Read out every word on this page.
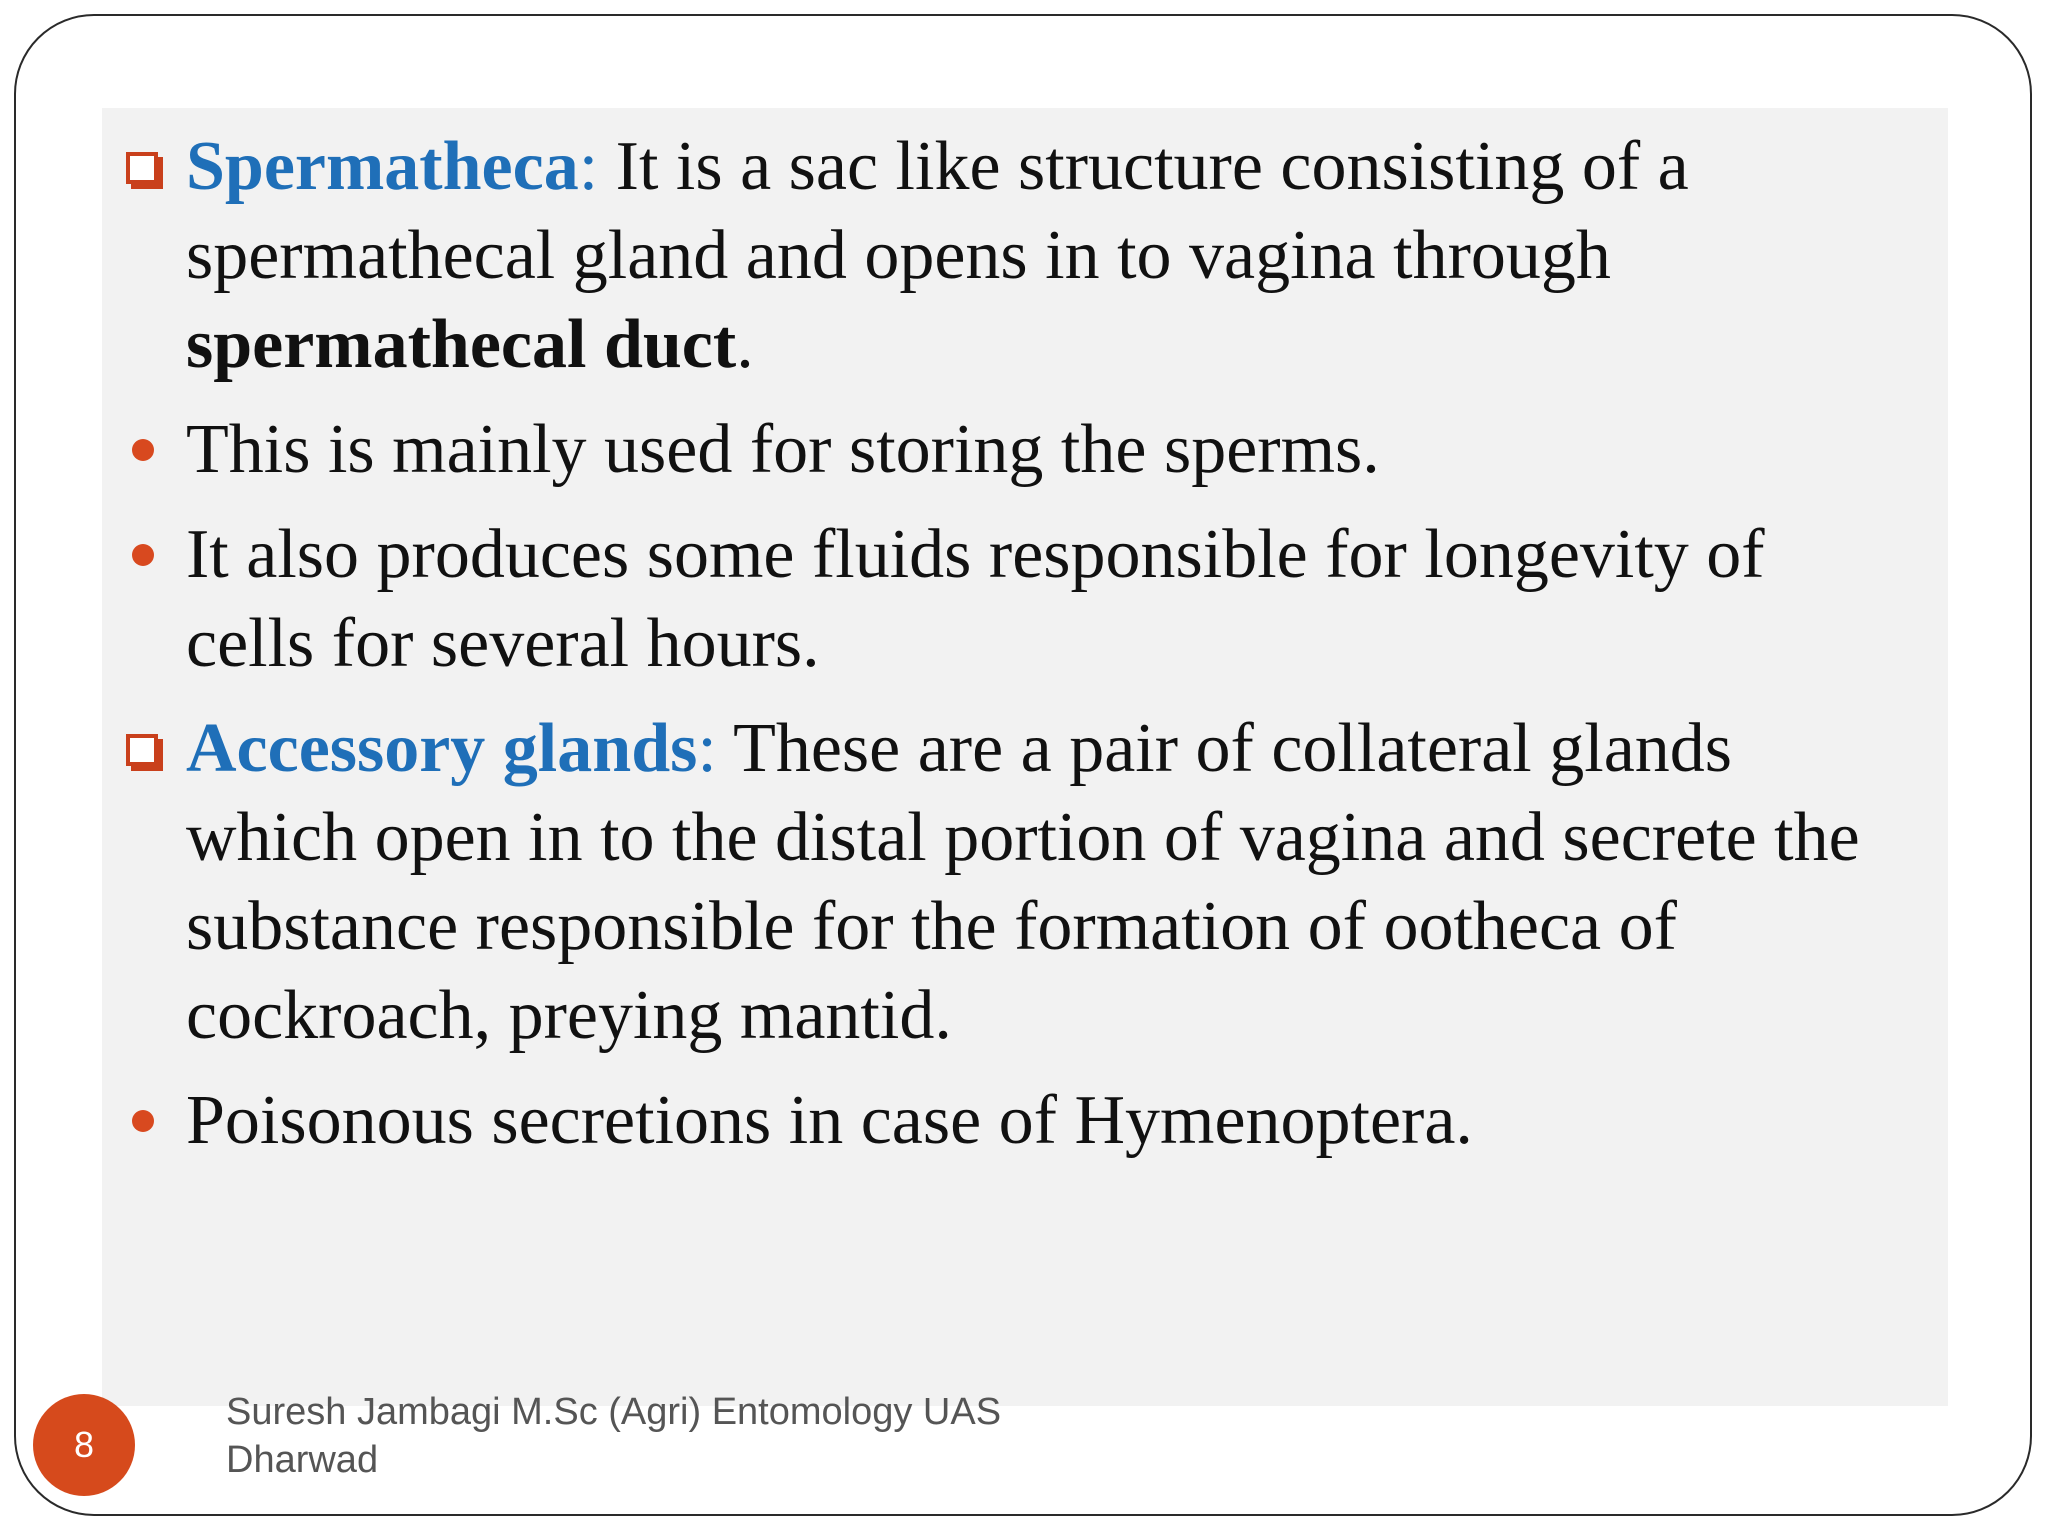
Spermatheca: It is a sac like structure consisting of a spermathecal gland and opens in to vagina through spermathecal duct.
This is mainly used for storing the sperms.
It also produces some fluids responsible for longevity of cells for several hours.
Accessory glands: These are a pair of collateral glands which open in to the distal portion of vagina and secrete the substance responsible for the formation of ootheca of cockroach, preying mantid.
Poisonous secretions in case of Hymenoptera.
8
Suresh Jambagi M.Sc (Agri) Entomology UAS
Dharwad
